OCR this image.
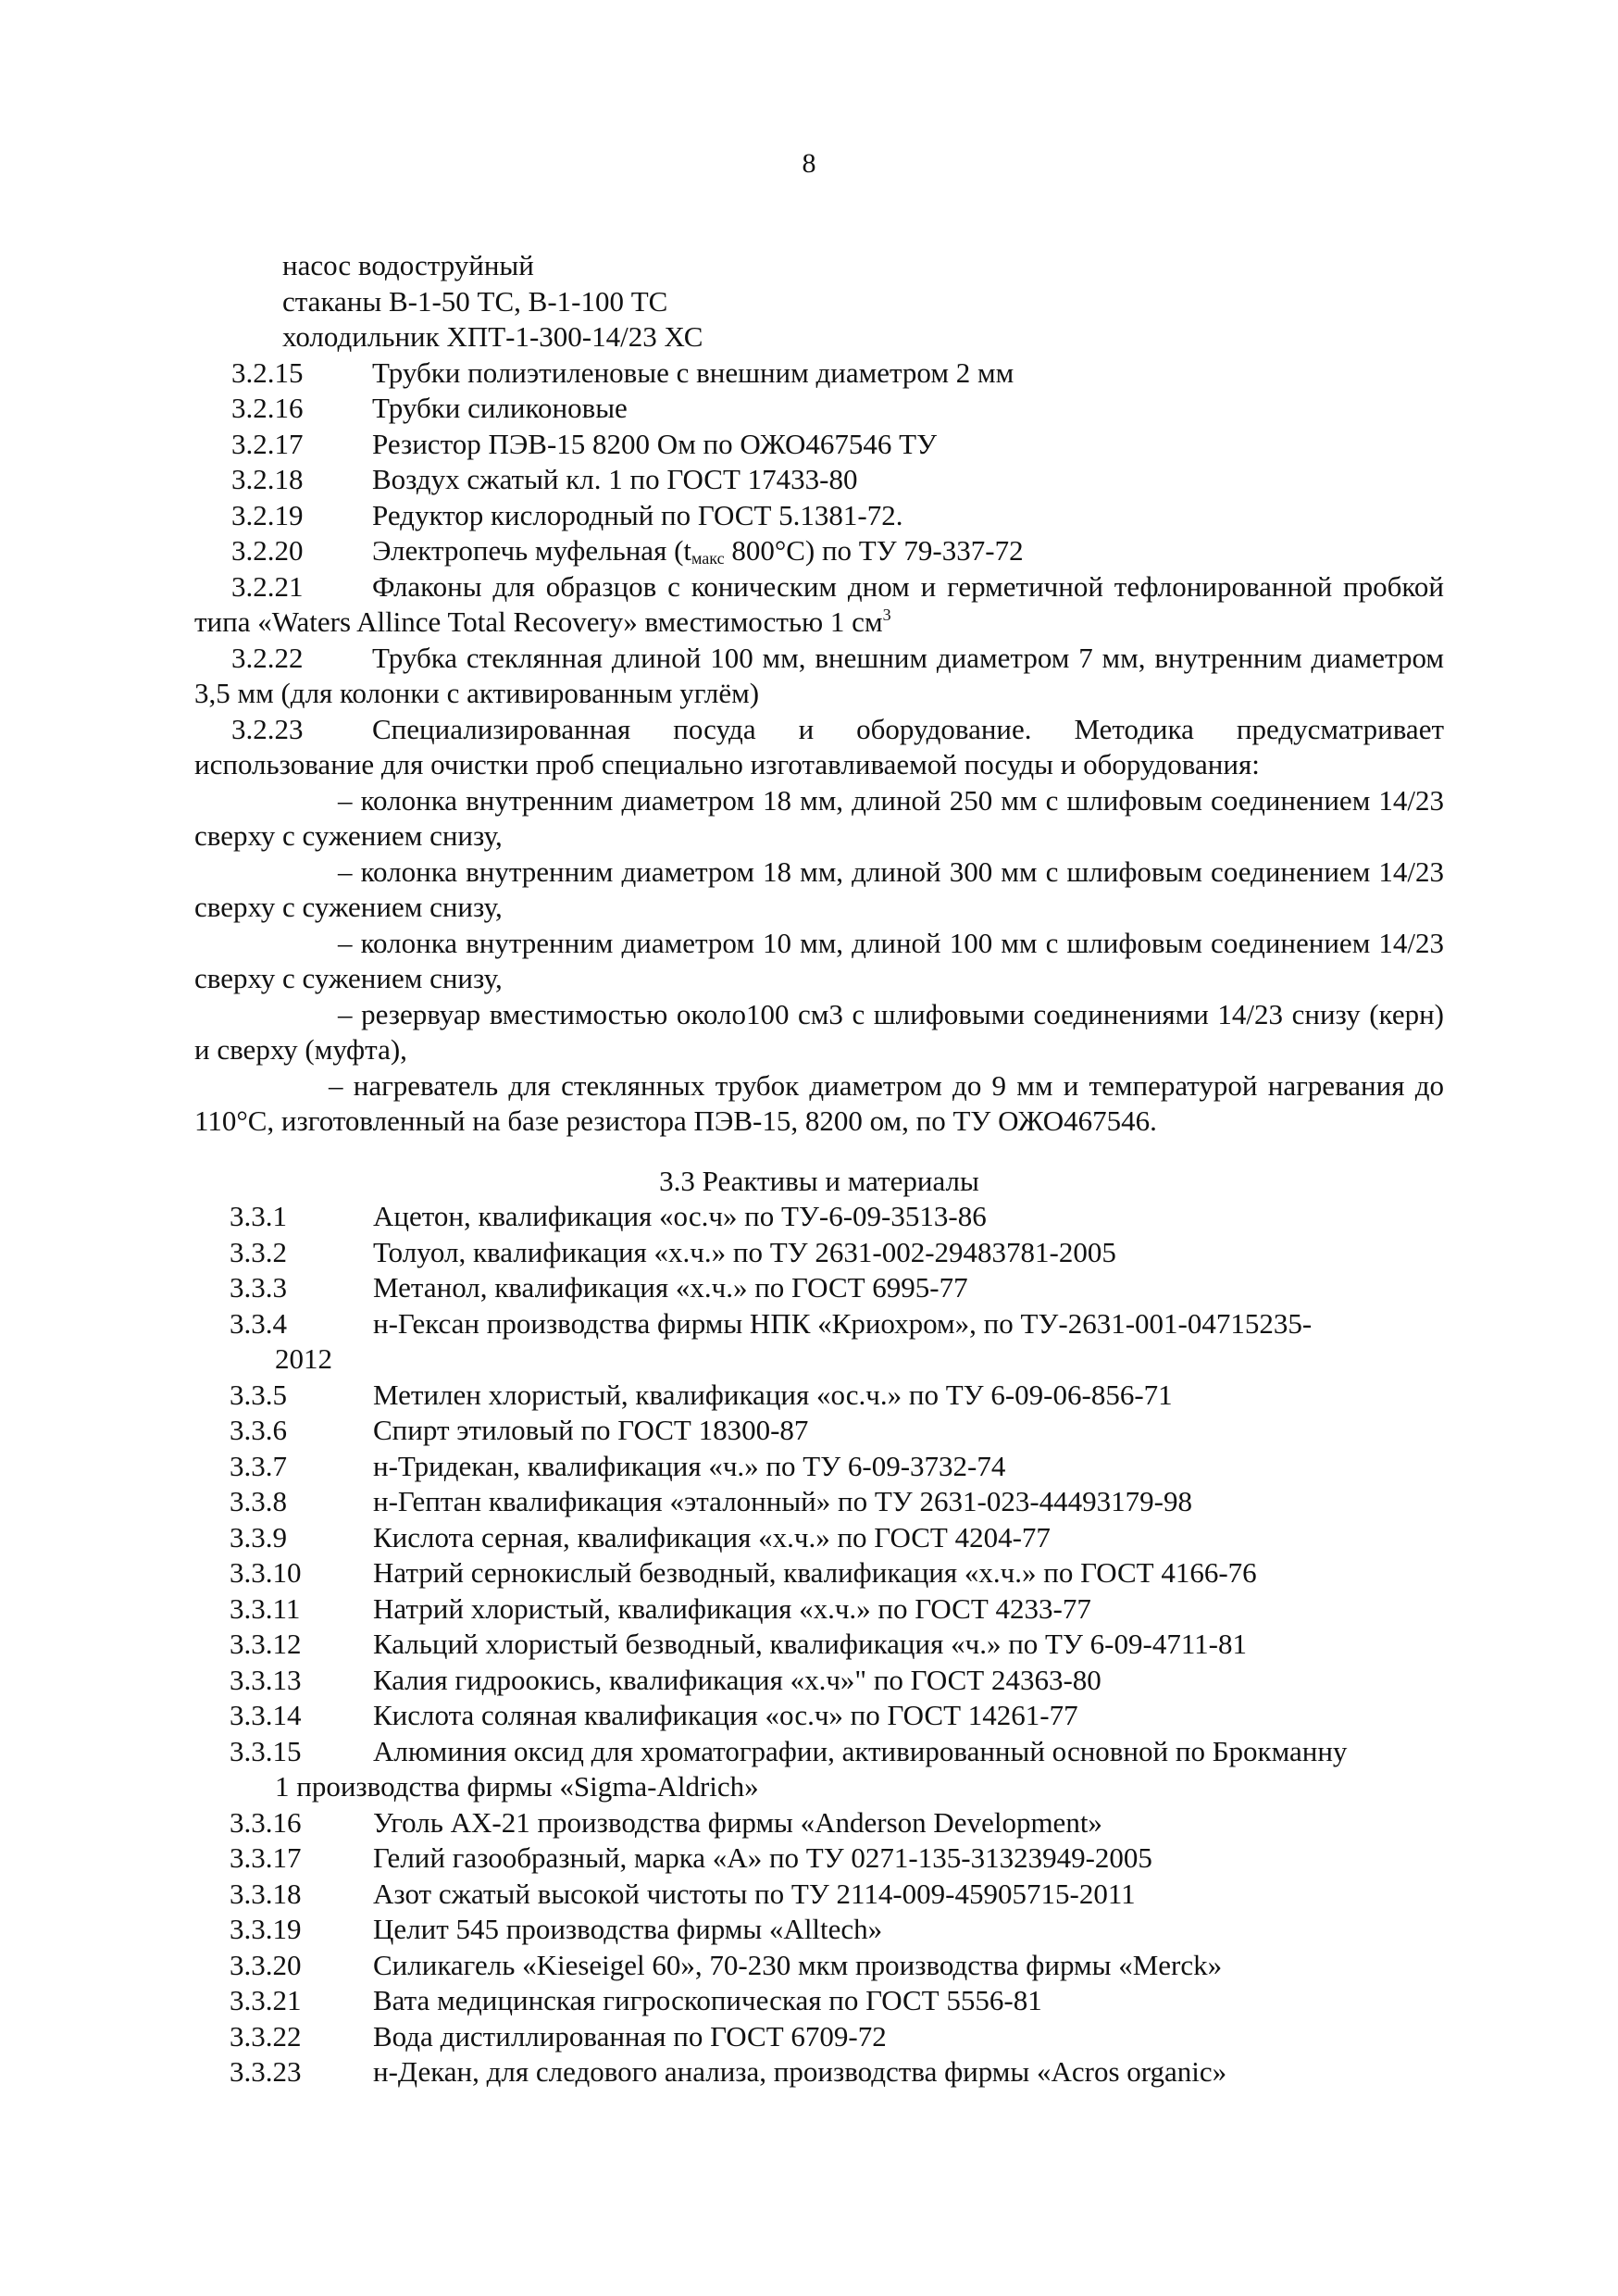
8
насос водоструйный
стаканы В-1-50 ТС, В-1-100 ТС
холодильник ХПТ-1-300-14/23 ХС
3.2.15 Трубки полиэтиленовые с внешним диаметром 2 мм
3.2.16 Трубки силиконовые
3.2.17 Резистор ПЭВ-15 8200 Ом по ОЖО467546 ТУ
3.2.18 Воздух сжатый кл. 1 по ГОСТ 17433-80
3.2.19 Редуктор кислородный по ГОСТ 5.1381-72.
3.2.20 Электропечь муфельная ($t_{макс}$ 800°С) по ТУ 79-337-72
3.2.21 Флаконы для образцов с коническим дном и герметичной тефлонированной пробкой типа «Waters Allince Total Recovery» вместимостью 1 $см^3$
3.2.22 Трубка стеклянная длиной 100 мм, внешним диаметром 7 мм, внутренним диаметром 3,5 мм (для колонки с активированным углём)
3.2.23 Специализированная посуда и оборудование. Методика предусматривает использование для очистки проб специально изготавливаемой посуды и оборудования:
– колонка внутренним диаметром 18 мм, длиной 250 мм с шлифовым соединением 14/23 сверху с сужением снизу,
– колонка внутренним диаметром 18 мм, длиной 300 мм с шлифовым соединением 14/23 сверху с сужением снизу,
– колонка внутренним диаметром 10 мм, длиной 100 мм с шлифовым соединением 14/23 сверху с сужением снизу,
– резервуар вместимостью около100 см3 с шлифовыми соединениями 14/23 снизу (керн) и сверху (муфта),
– нагреватель для стеклянных трубок диаметром до 9 мм и температурой нагревания до 110°С, изготовленный на базе резистора ПЭВ-15, 8200 ом, по ТУ ОЖО467546.
3.3 Реактивы и материалы
3.3.1	Ацетон, квалификация «ос.ч» по ТУ-6-09-3513-86
3.3.2	Толуол, квалификация «х.ч.» по ТУ 2631-002-29483781-2005
3.3.3	Метанол, квалификация «х.ч.» по ГОСТ 6995-77
3.3.4	н-Гексан производства фирмы НПК «Криохром», по ТУ-2631-001-04715235-
2012
3.3.5	Метилен хлористый, квалификация «ос.ч.» по ТУ 6-09-06-856-71
3.3.6	Спирт этиловый по ГОСТ 18300-87
3.3.7	н-Тридекан, квалификация «ч.» по ТУ 6-09-3732-74
3.3.8	н-Гептан квалификация «эталонный» по ТУ 2631-023-44493179-98
3.3.9	Кислота серная, квалификация «х.ч.» по ГОСТ 4204-77
3.3.10	Натрий сернокислый безводный, квалификация «х.ч.» по ГОСТ 4166-76
3.3.11	Натрий хлористый, квалификация «х.ч.» по ГОСТ 4233-77
3.3.12	Кальций хлористый безводный, квалификация «ч.» по ТУ 6-09-4711-81
3.3.13	Калия гидроокись, квалификация «х.ч»" по ГОСТ 24363-80
3.3.14	Кислота соляная квалификация «ос.ч» по ГОСТ 14261-77
3.3.15	Алюминия оксид для хроматографии, активированный основной по Брокманну
1 производства фирмы «Sigma-Aldrich»
3.3.16	Уголь АХ-21 производства фирмы «Anderson Development»
3.3.17	Гелий газообразный, марка «А» по ТУ 0271-135-31323949-2005
3.3.18	Азот сжатый высокой чистоты по ТУ 2114-009-45905715-2011
3.3.19	Целит 545 производства фирмы «Alltech»
3.3.20	Силикагель «Kieseigel 60», 70-230 мкм производства фирмы «Merck»
3.3.21	Вата медицинская гигроскопическая по ГОСТ 5556-81
3.3.22	Вода дистиллированная по ГОСТ 6709-72
3.3.23	н-Декан, для следового анализа, производства фирмы «Acros organic»
